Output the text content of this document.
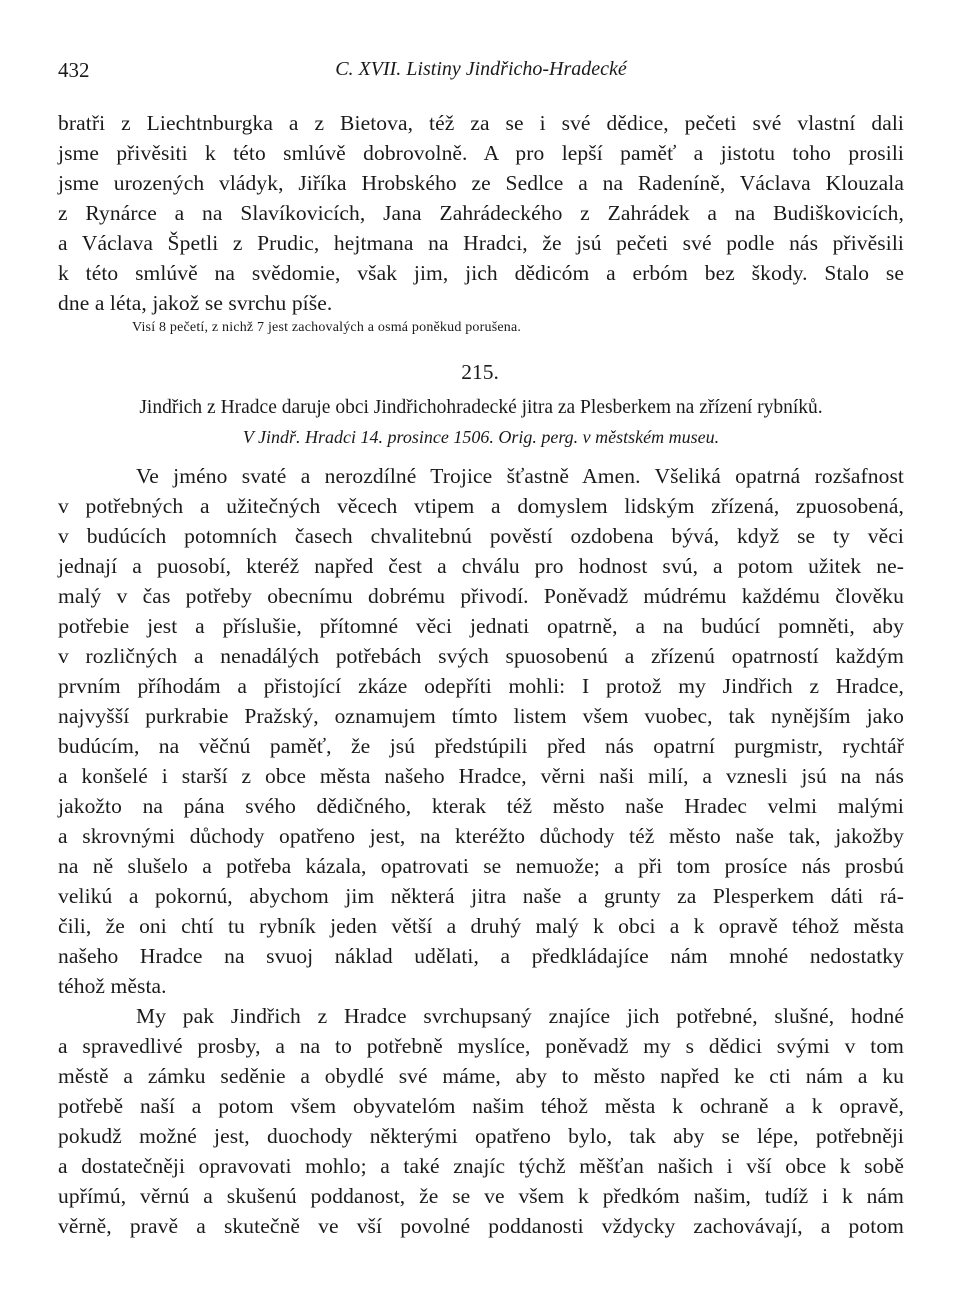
432	C. XVII. Listiny Jindřicho-Hradecké
bratři z Liechtnburgka a z Bietova, též za se i své dědice, pečeti své vlastní dali
jsme přivěsiti k této smlúvě dobrovolně. A pro lepší paměť a jistotu toho prosili
jsme urozených vládyk, Jiříka Hrobského ze Sedlce a na Radeníně, Václava Klouzala
z Rynárce a na Slavíkovicích, Jana Zahrádeckého z Zahrádek a na Budiškovicích,
a Václava Špetli z Prudic, hejtmana na Hradci, že jsú pečeti své podle nás přivěsili
k této smlúvě na svědomie, však jim, jich dědicóm a erbóm bez škody. Stalo se
dne a léta, jakož se svrchu píše.
Visí 8 pečetí, z nichž 7 jest zachovalých a osmá poněkud porušena.
215.
Jindřich z Hradce daruje obci Jindřichohradecké jitra za Plesberkem na zřízení rybníků.
V Jindř. Hradci 14. prosince 1506. Orig. perg. v městském museu.
Ve jméno svaté a nerozdílné Trojice šťastně Amen. Všeliká opatrná rozšafnost
v potřebných a užitečných věcech vtipem a domyslem lidským zřízená, zpuosobená,
v budúcích potomních časech chvalitebnú pověstí ozdobena bývá, když se ty věci
jednají a puosobí, kteréž napřed čest a chválu pro hodnost svú, a potom užitek ne-
malý v čas potřeby obecnímu dobrému přivodí. Poněvadž múdrému každému člověku
potřebie jest a příslušie, přítomné věci jednati opatrně, a na budúcí pomněti, aby
v rozličných a nenadálých potřebách svých spuosobenú a zřízenú opatrností každým
prvním příhodám a přistojící zkáze odepříti mohli: I protož my Jindřich z Hradce,
najvyšší purkrabie Pražský, oznamujem tímto listem všem vuobec, tak nynějším jako
budúcím, na věčnú paměť, že jsú předstúpili před nás opatrní purgmistr, rychtář
a konšelé i starší z obce města našeho Hradce, věrni naši milí, a vznesli jsú na nás
jakožto na pána svého dědičného, kterak též město naše Hradec velmi malými
a skrovnými důchody opatřeno jest, na kteréžto důchody též město naše tak, jakožby
na ně slušelo a potřeba kázala, opatrovati se nemuože; a při tom prosíce nás prosbú
velikú a pokornú, abychom jim některá jitra naše a grunty za Plesperkem dáti rá-
čili, že oni chtí tu rybník jeden větší a druhý malý k obci a k opravě téhož města
našeho Hradce na svuoj náklad udělati, a předkládajíce nám mnohé nedostatky
téhož města.
My pak Jindřich z Hradce svrchupsaný znajíce jich potřebné, slušné, hodné
a spravedlivé prosby, a na to potřebně myslíce, poněvadž my s dědici svými v tom
městě a zámku seděnie a obydlé své máme, aby to město napřed ke cti nám a ku
potřebě naší a potom všem obyvatelóm našim téhož města k ochraně a k opravě,
pokudž možné jest, duochody některými opatřeno bylo, tak aby se lépe, potřebněji
a dostatečněji opravovati mohlo; a také znajíc týchž měšťan našich i vší obce k sobě
upřímú, věrnú a skušenú poddanost, že se ve všem k předkóm našim, tudíž i k nám
věrně, pravě a skutečně ve vší povolné poddanosti vždycky zachovávají, a potom
